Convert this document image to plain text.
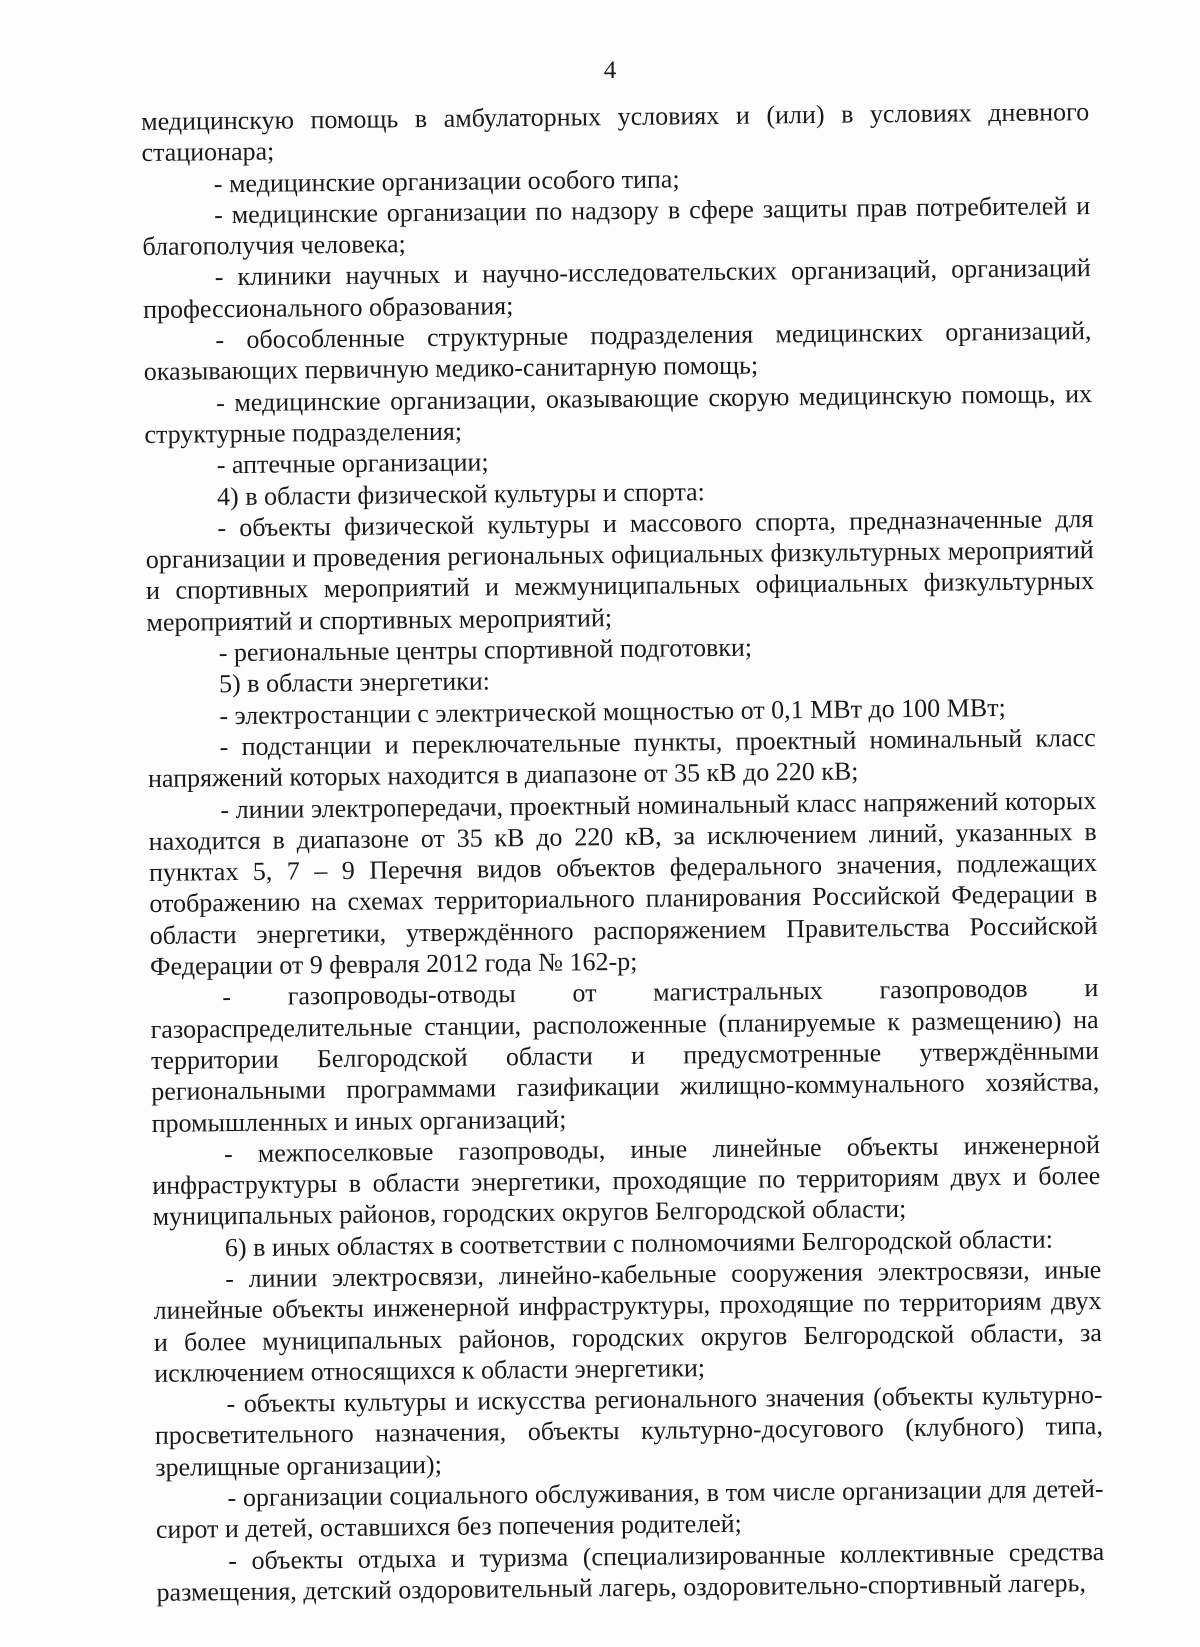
4

медицинскую помощь в амбулаторных условиях и (или) в условиях дневного стационара;

- медицинские организации особого типа;

- медицинские организации по надзору в сфере защиты прав потребителей и благополучия человека;

- клиники научных и научно-исследовательских организаций, организаций профессионального образования;

- обособленные структурные подразделения медицинских организаций, оказывающих первичную медико-санитарную помощь;

- медицинские организации, оказывающие скорую медицинскую помощь, их структурные подразделения;

- аптечные организации;

4) в области физической культуры и спорта:

- объекты физической культуры и массового спорта, предназначенные для организации и проведения региональных официальных физкультурных мероприятий и спортивных мероприятий и межмуниципальных официальных физкультурных мероприятий и спортивных мероприятий;

- региональные центры спортивной подготовки;

5) в области энергетики:

- электростанции с электрической мощностью от 0,1 МВт до 100 МВт;

- подстанции и переключательные пункты, проектный номинальный класс напряжений которых находится в диапазоне от 35 кВ до 220 кВ;

- линии электропередачи, проектный номинальный класс напряжений которых находится в диапазоне от 35 кВ до 220 кВ, за исключением линий, указанных в пунктах 5, 7 – 9 Перечня видов объектов федерального значения, подлежащих отображению на схемах территориального планирования Российской Федерации в области энергетики, утверждённого распоряжением Правительства Российской Федерации от 9 февраля 2012 года № 162-р;

- газопроводы-отводы от магистральных газопроводов и газораспределительные станции, расположенные (планируемые к размещению) на территории Белгородской области и предусмотренные утверждёнными региональными программами газификации жилищно-коммунального хозяйства, промышленных и иных организаций;

- межпоселковые газопроводы, иные линейные объекты инженерной инфраструктуры в области энергетики, проходящие по территориям двух и более муниципальных районов, городских округов Белгородской области;

6) в иных областях в соответствии с полномочиями Белгородской области:

- линии электросвязи, линейно-кабельные сооружения электросвязи, иные линейные объекты инженерной инфраструктуры, проходящие по территориям двух и более муниципальных районов, городских округов Белгородской области, за исключением относящихся к области энергетики;

- объекты культуры и искусства регионального значения (объекты культурно-просветительного назначения, объекты культурно-досугового (клубного) типа, зрелищные организации);

- организации социального обслуживания, в том числе организации для детей-сирот и детей, оставшихся без попечения родителей;

- объекты отдыха и туризма (специализированные коллективные средства размещения, детский оздоровительный лагерь, оздоровительно-спортивный лагерь,
